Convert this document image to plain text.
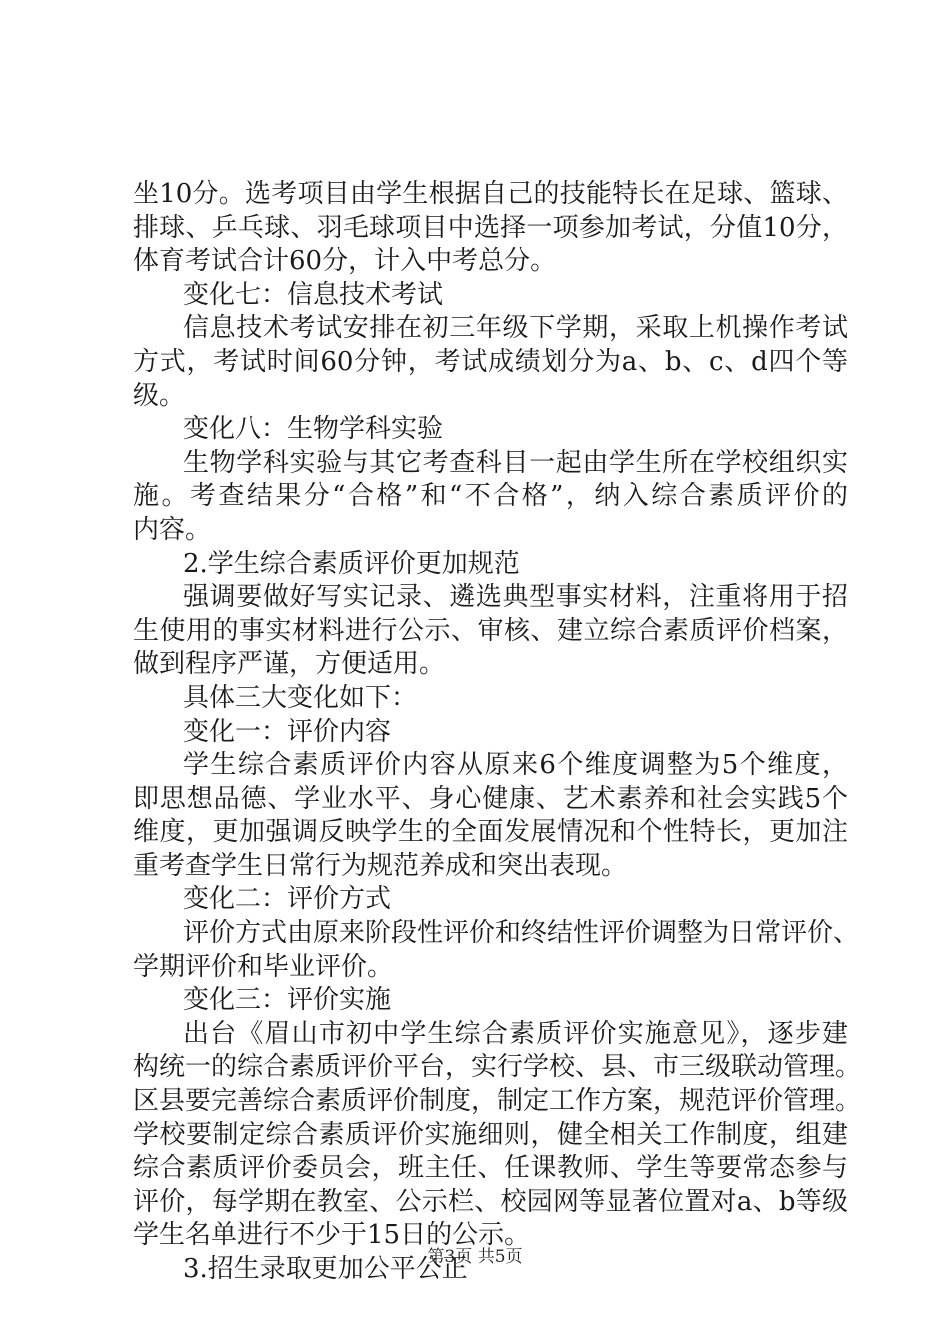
坐10分。选考项目由学生根据自己的技能特长在足球、篮球、
排球、乒乓球、羽毛球项目中选择一项参加考试，分值10分，
体育考试合计60分，计入中考总分。
变化七：信息技术考试
信息技术考试安排在初三年级下学期，采取上机操作考试
方式，考试时间60分钟，考试成绩划分为a、b、c、d四个等
级。
变化八：生物学科实验
生物学科实验与其它考查科目一起由学生所在学校组织实
施。考查结果分“合格”和“不合格”，纳入综合素质评价的
内容。
2.学生综合素质评价更加规范
强调要做好写实记录、遴选典型事实材料，注重将用于招
生使用的事实材料进行公示、审核、建立综合素质评价档案，
做到程序严谨，方便适用。
具体三大变化如下：
变化一：评价内容
学生综合素质评价内容从原来6个维度调整为5个维度，
即思想品德、学业水平、身心健康、艺术素养和社会实践5个
维度，更加强调反映学生的全面发展情况和个性特长，更加注
重考查学生日常行为规范养成和突出表现。
变化二：评价方式
评价方式由原来阶段性评价和终结性评价调整为日常评价、
学期评价和毕业评价。
变化三：评价实施
出台《眉山市初中学生综合素质评价实施意见》，逐步建
构统一的综合素质评价平台，实行学校、县、市三级联动管理。
区县要完善综合素质评价制度，制定工作方案，规范评价管理。
学校要制定综合素质评价实施细则，健全相关工作制度，组建
综合素质评价委员会，班主任、任课教师、学生等要常态参与
评价，每学期在教室、公示栏、校园网等显著位置对a、b等级
学生名单进行不少于15日的公示。
3.招生录取更加公平公正
第3页 共5页
